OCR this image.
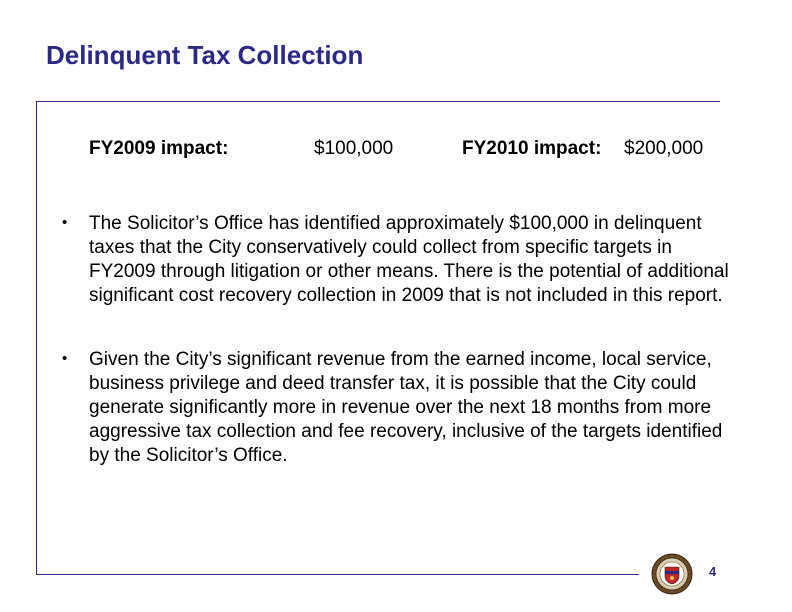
Delinquent Tax Collection
FY2009 impact:	$100,000	FY2010 impact: $200,000
• The Solicitor’s Office has identified approximately $100,000 in delinquent taxes that the City conservatively could collect from specific targets in FY2009 through litigation or other means. There is the potential of additional significant cost recovery collection in 2009 that is not included in this report.
• Given the City’s significant revenue from the earned income, local service, business privilege and deed transfer tax, it is possible that the City could generate significantly more in revenue over the next 18 months from more aggressive tax collection and fee recovery, inclusive of the targets identified by the Solicitor’s Office.
4
